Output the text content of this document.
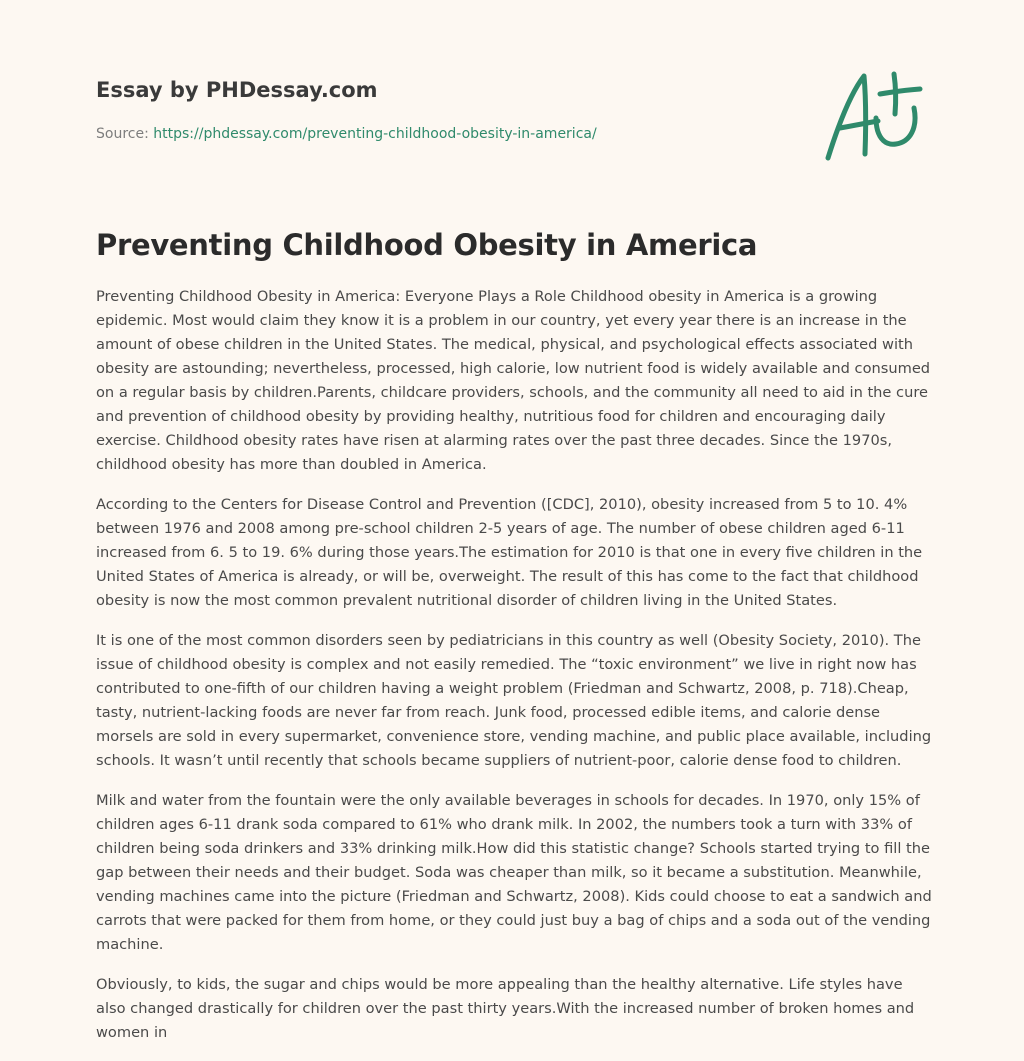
Essay by PHDessay.com
Source: https://phdessay.com/preventing-childhood-obesity-in-america/
Preventing Childhood Obesity in America

Preventing Childhood Obesity in America: Everyone Plays a Role Childhood obesity in America is a growing epidemic. Most would claim they know it is a problem in our country, yet every year there is an increase in the amount of obese children in the United States. The medical, physical, and psychological effects associated with obesity are astounding; nevertheless, processed, high calorie, low nutrient food is widely available and consumed on a regular basis by children.Parents, childcare providers, schools, and the community all need to aid in the cure and prevention of childhood obesity by providing healthy, nutritious food for children and encouraging daily exercise. Childhood obesity rates have risen at alarming rates over the past three decades. Since the 1970s, childhood obesity has more than doubled in America.

According to the Centers for Disease Control and Prevention ([CDC], 2010), obesity increased from 5 to 10. 4% between 1976 and 2008 among pre-school children 2-5 years of age. The number of obese children aged 6-11 increased from 6. 5 to 19. 6% during those years.The estimation for 2010 is that one in every five children in the United States of America is already, or will be, overweight. The result of this has come to the fact that childhood obesity is now the most common prevalent nutritional disorder of children living in the United States.

It is one of the most common disorders seen by pediatricians in this country as well (Obesity Society, 2010). The issue of childhood obesity is complex and not easily remedied. The “toxic environment” we live in right now has contributed to one-fifth of our children having a weight problem (Friedman and Schwartz, 2008, p. 718).Cheap, tasty, nutrient-lacking foods are never far from reach. Junk food, processed edible items, and calorie dense morsels are sold in every supermarket, convenience store, vending machine, and public place available, including schools. It wasn’t until recently that schools became suppliers of nutrient-poor, calorie dense food to children.

Milk and water from the fountain were the only available beverages in schools for decades. In 1970, only 15% of children ages 6-11 drank soda compared to 61% who drank milk. In 2002, the numbers took a turn with 33% of children being soda drinkers and 33% drinking milk.How did this statistic change? Schools started trying to fill the gap between their needs and their budget. Soda was cheaper than milk, so it became a substitution. Meanwhile, vending machines came into the picture (Friedman and Schwartz, 2008). Kids could choose to eat a sandwich and carrots that were packed for them from home, or they could just buy a bag of chips and a soda out of the vending machine.

Obviously, to kids, the sugar and chips would be more appealing than the healthy alternative. Life styles have also changed drastically for children over the past thirty years.With the increased number of broken homes and women in
